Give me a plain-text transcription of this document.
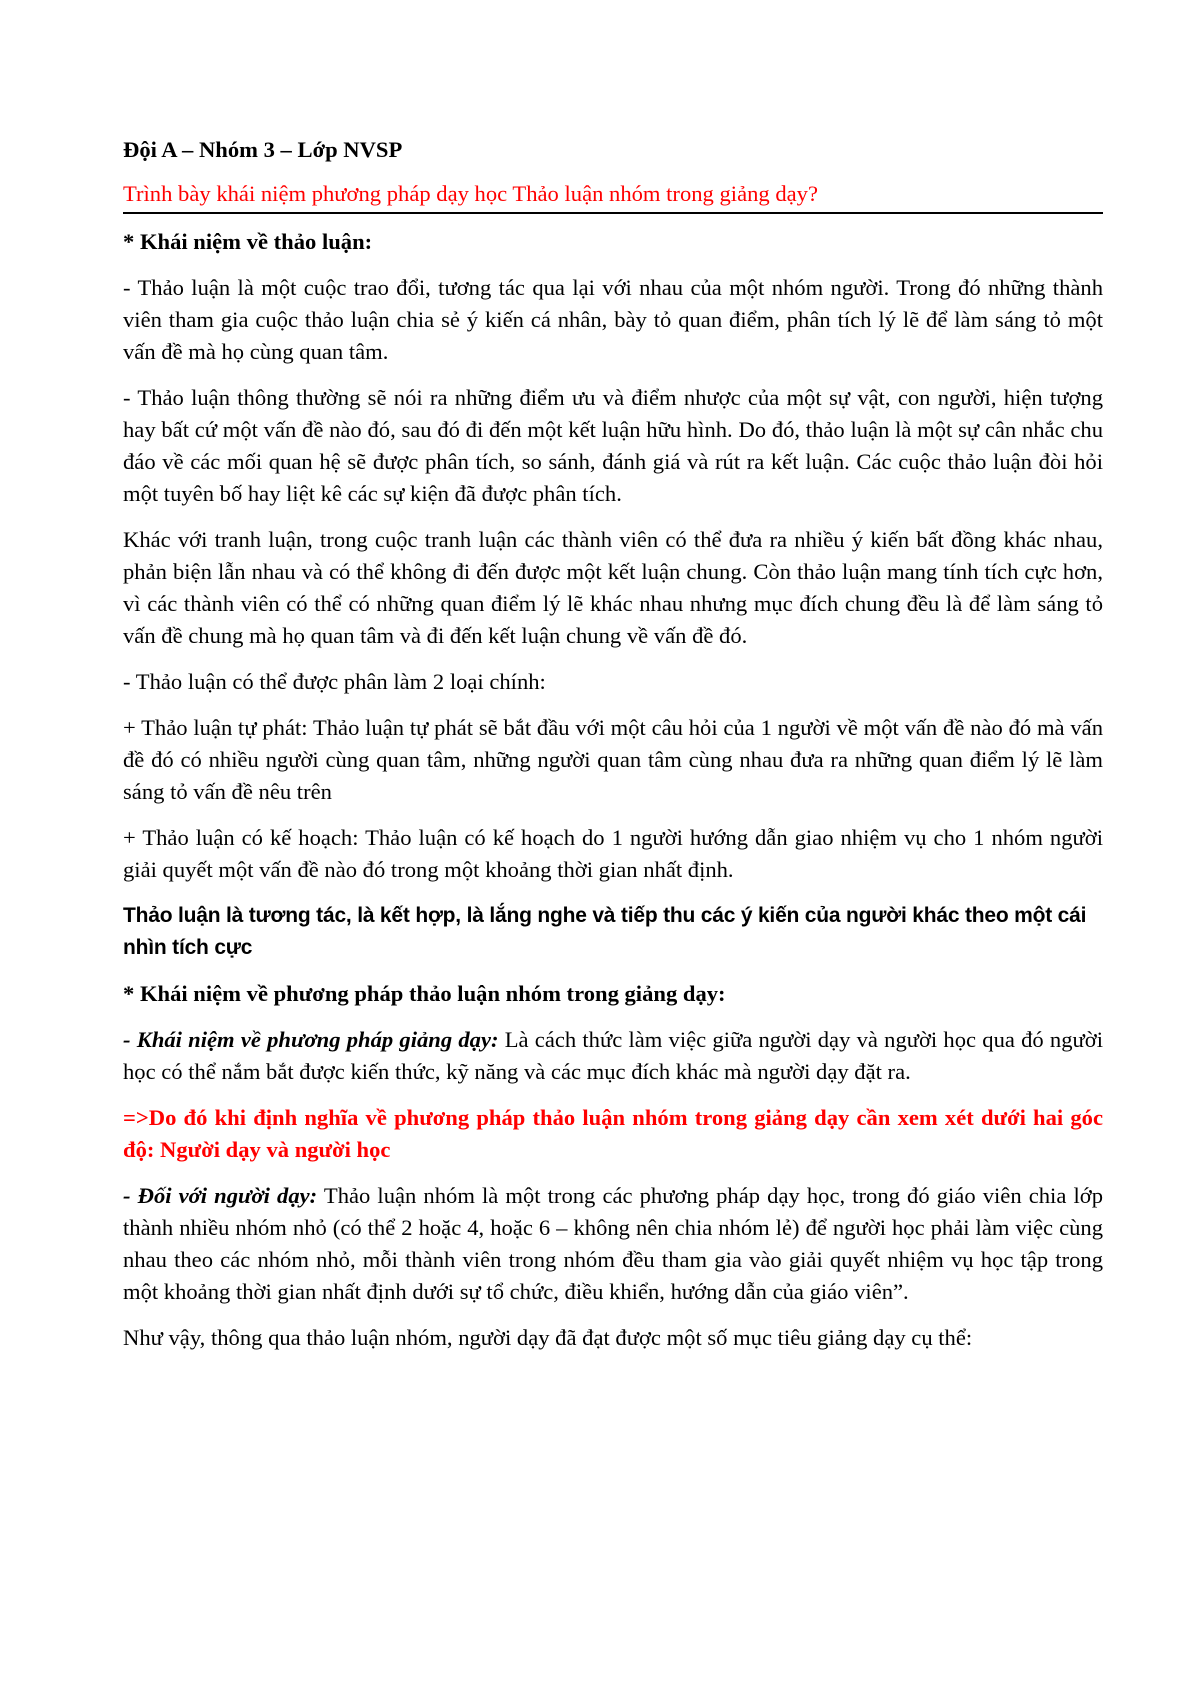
Đội A – Nhóm 3 – Lớp NVSP
Trình bày khái niệm phương pháp dạy học Thảo luận nhóm trong giảng dạy?
* Khái niệm về thảo luận:

- Thảo luận là một cuộc trao đổi, tương tác qua lại với nhau của một nhóm người. Trong đó những thành viên tham gia cuộc thảo luận chia sẻ ý kiến cá nhân, bày tỏ quan điểm, phân tích lý lẽ để làm sáng tỏ một vấn đề mà họ cùng quan tâm.

- Thảo luận thông thường sẽ nói ra những điểm ưu và điểm nhược của một sự vật, con người, hiện tượng hay bất cứ một vấn đề nào đó, sau đó đi đến một kết luận hữu hình. Do đó, thảo luận là một sự cân nhắc chu đáo về các mối quan hệ sẽ được phân tích, so sánh, đánh giá và rút ra kết luận. Các cuộc thảo luận đòi hỏi một tuyên bố hay liệt kê các sự kiện đã được phân tích.

Khác với tranh luận, trong cuộc tranh luận các thành viên có thể đưa ra nhiều ý kiến bất đồng khác nhau, phản biện lẫn nhau và có thể không đi đến được một kết luận chung. Còn thảo luận mang tính tích cực hơn, vì các thành viên có thể có những quan điểm lý lẽ khác nhau nhưng mục đích chung đều là để làm sáng tỏ vấn đề chung mà họ quan tâm và đi đến kết luận chung về vấn đề đó.

- Thảo luận có thể được phân làm 2 loại chính:

+ Thảo luận tự phát: Thảo luận tự phát sẽ bắt đầu với một câu hỏi của 1 người về một vấn đề nào đó mà vấn đề đó có nhiều người cùng quan tâm, những người quan tâm cùng nhau đưa ra những quan điểm lý lẽ làm sáng tỏ vấn đề nêu trên

+ Thảo luận có kế hoạch: Thảo luận có kế hoạch do 1 người hướng dẫn giao nhiệm vụ cho 1 nhóm người giải quyết một vấn đề nào đó trong một khoảng thời gian nhất định.

Thảo luận là tương tác, là kết hợp, là lắng nghe và tiếp thu các ý kiến của người khác theo một cái nhìn tích cực

* Khái niệm về phương pháp thảo luận nhóm trong giảng dạy:

- Khái niệm về phương pháp giảng dạy: Là cách thức làm việc giữa người dạy và người học qua đó người học có thể nắm bắt được kiến thức, kỹ năng và các mục đích khác mà người dạy đặt ra.

=>Do đó khi định nghĩa về phương pháp thảo luận nhóm trong giảng dạy cần xem xét dưới hai góc độ: Người dạy và người học

- Đối với người dạy: Thảo luận nhóm là một trong các phương pháp dạy học, trong đó giáo viên chia lớp thành nhiều nhóm nhỏ (có thể 2 hoặc 4, hoặc 6 – không nên chia nhóm lẻ) để người học phải làm việc cùng nhau theo các nhóm nhỏ, mỗi thành viên trong nhóm đều tham gia vào giải quyết nhiệm vụ học tập trong một khoảng thời gian nhất định dưới sự tổ chức, điều khiển, hướng dẫn của giáo viên”.

Như vậy, thông qua thảo luận nhóm, người dạy đã đạt được một số mục tiêu giảng dạy cụ thể:
